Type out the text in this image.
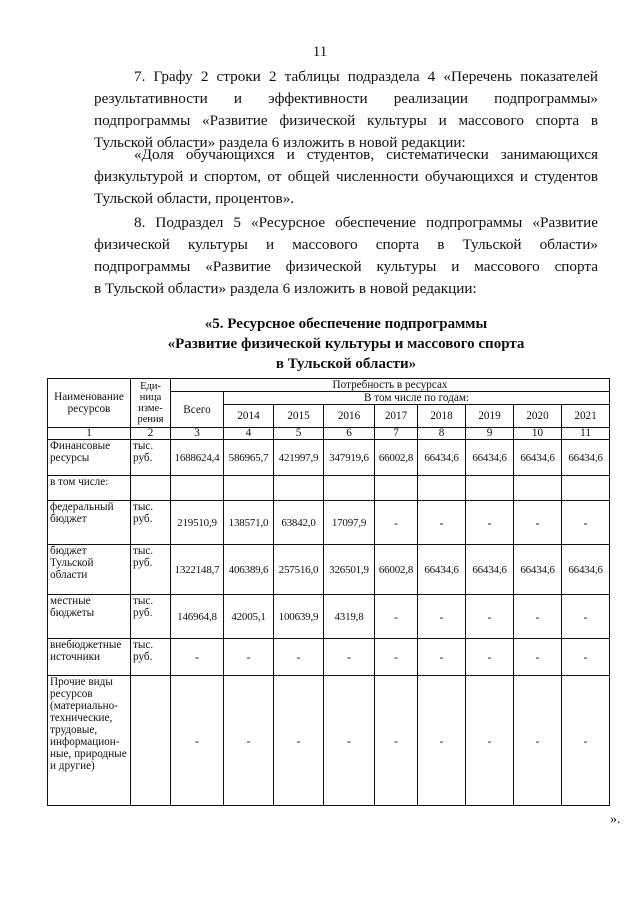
11

7. Графу 2 строки 2 таблицы подраздела 4 «Перечень показателей
результативности и эффективности реализации подпрограммы»
подпрограммы «Развитие физической культуры и массового спорта в
Тульской области» раздела 6 изложить в новой редакции:

«Доля обучающихся и студентов, систематически занимающихся
физкультурой и спортом, от общей численности обучающихся и студентов
Тульской области, процентов».

8. Подраздел 5 «Ресурсное обеспечение подпрограммы «Развитие
физической культуры и массового спорта в Тульской области»
подпрограммы «Развитие физической культуры и массового спорта
в Тульской области» раздела 6 изложить в новой редакции:

«5. Ресурсное обеспечение подпрограммы
«Развитие физической культуры и массового спорта
в Тульской области»
Наименование ресурсов	Еди-ница изме-рения	Потребность в ресурсах								
		Всего	В том числе по годам:							
			2014	2015	2016	2017	2018	2019	2020	2021
1	2	3	4	5	6	7	8	9	10	11
Финансовые ресурсы	тыс. руб.	1688624,4	586965,7	421997,9	347919,6	66002,8	66434,6	66434,6	66434,6	66434,6
в том числе:										
федеральный бюджет	тыс. руб.	219510,9	138571,0	63842,0	17097,9	-	-	-	-	-
бюджет Тульской области	тыс. руб.	1322148,7	406389,6	257516,0	326501,9	66002,8	66434,6	66434,6	66434,6	66434,6
местные бюджеты	тыс. руб.	146964,8	42005,1	100639,9	4319,8	-	-	-	-	-
внебюджетные источники	тыс. руб.	-	-	-	-	-	-	-	-	-
Прочие виды ресурсов (материально-технические, трудовые, информацион-ные, природные и другие)		-	-	-	-	-	-	-	-	-
».
